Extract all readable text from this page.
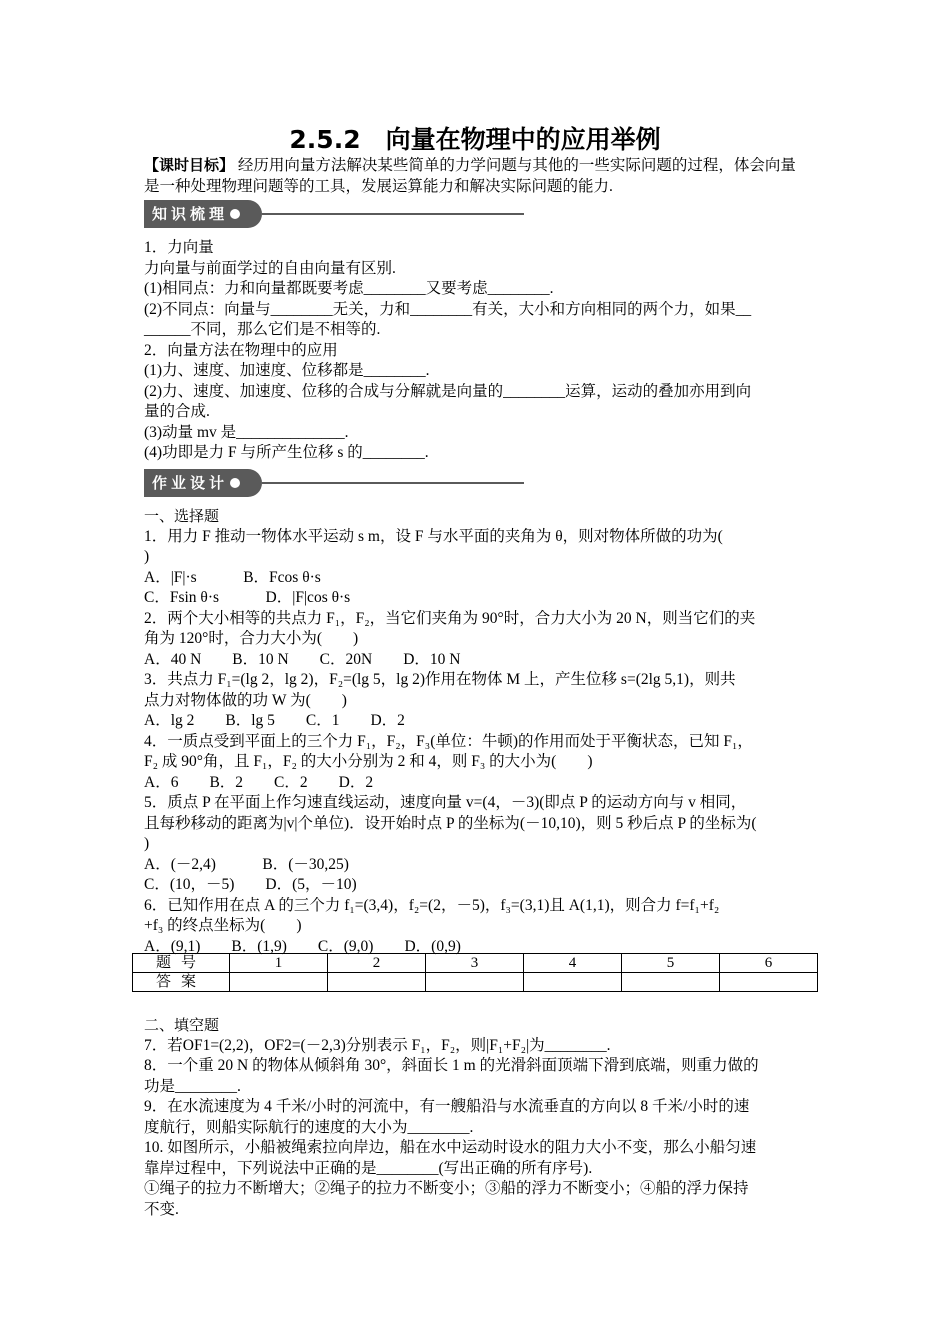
2.5.2　向量在物理中的应用举例
【课时目标】 经历用向量方法解决某些简单的力学问题与其他的一些实际问题的过程，体会向量是一种处理物理问题等的工具，发展运算能力和解决实际问题的能力.
知识梳理

1．力向量

力向量与前面学过的自由向量有区别.

(1)相同点：力和向量都既要考虑________又要考虑________.

(2)不同点：向量与________无关，力和________有关，大小和方向相同的两个力，如果__

______不同，那么它们是不相等的.

2．向量方法在物理中的应用

(1)力、速度、加速度、位移都是________.

(2)力、速度、加速度、位移的合成与分解就是向量的________运算，运动的叠加亦用到向

量的合成.

(3)动量 mv 是______________.

(4)功即是力 F 与所产生位移 s 的________.

作业设计

一、选择题

1．用力 F 推动一物体水平运动 s m，设 F 与水平面的夹角为 θ，则对物体所做的功为(

)

A．|F|·s　　　B．Fcos θ·s

C．Fsin θ·s　　　D．|F|cos θ·s

2．两个大小相等的共点力 F₁，F₂，当它们夹角为 90°时，合力大小为 20 N，则当它们的夹

角为 120°时，合力大小为(　　)

A．40 N　　B．10 N　　C．20N　　D．10 N

3．共点力 F₁=(lg 2，lg 2)，F₂=(lg 5，lg 2)作用在物体 M 上，产生位移 s=(2lg 5,1)，则共

点力对物体做的功 W 为(　　)

A．lg 2　　B．lg 5　　C．1　　D．2

4．一质点受到平面上的三个力 F₁，F₂，F₃(单位：牛顿)的作用而处于平衡状态，已知 F₁，

F₂ 成 90°角，且 F₁，F₂ 的大小分别为 2 和 4，则 F₃ 的大小为(　　)

A．6　　B．2　　C．2　　D．2

5．质点 P 在平面上作匀速直线运动，速度向量 v=(4，－3)(即点 P 的运动方向与 v 相同，

且每秒移动的距离为|v|个单位)．设开始时点 P 的坐标为(－10,10)，则 5 秒后点 P 的坐标为(

)

A．(－2,4)　　　B．(－30,25)

C．(10，－5)　　D．(5，－10)

6．已知作用在点 A 的三个力 f₁=(3,4)，f₂=(2，－5)，f₃=(3,1)且 A(1,1)，则合力 f=f₁+f₂

+f₃ 的终点坐标为(　　)

A．(9,1)　　B．(1,9)　　C．(9,0)　　D．(0,9)

题号	1	2	3	4	5	6
答案						

二、填空题

7．若OF1=(2,2)，OF2=(－2,3)分别表示 F₁，F₂，则|F₁+F₂|为________.

8．一个重 20 N 的物体从倾斜角 30°，斜面长 1 m 的光滑斜面顶端下滑到底端，则重力做的

功是________.

9．在水流速度为 4 千米/小时的河流中，有一艘船沿与水流垂直的方向以 8 千米/小时的速

度航行，则船实际航行的速度的大小为________.

10. 如图所示，小船被绳索拉向岸边，船在水中运动时设水的阻力大小不变，那么小船匀速

靠岸过程中，下列说法中正确的是________(写出正确的所有序号).

①绳子的拉力不断增大；②绳子的拉力不断变小；③船的浮力不断变小；④船的浮力保持

不变.
